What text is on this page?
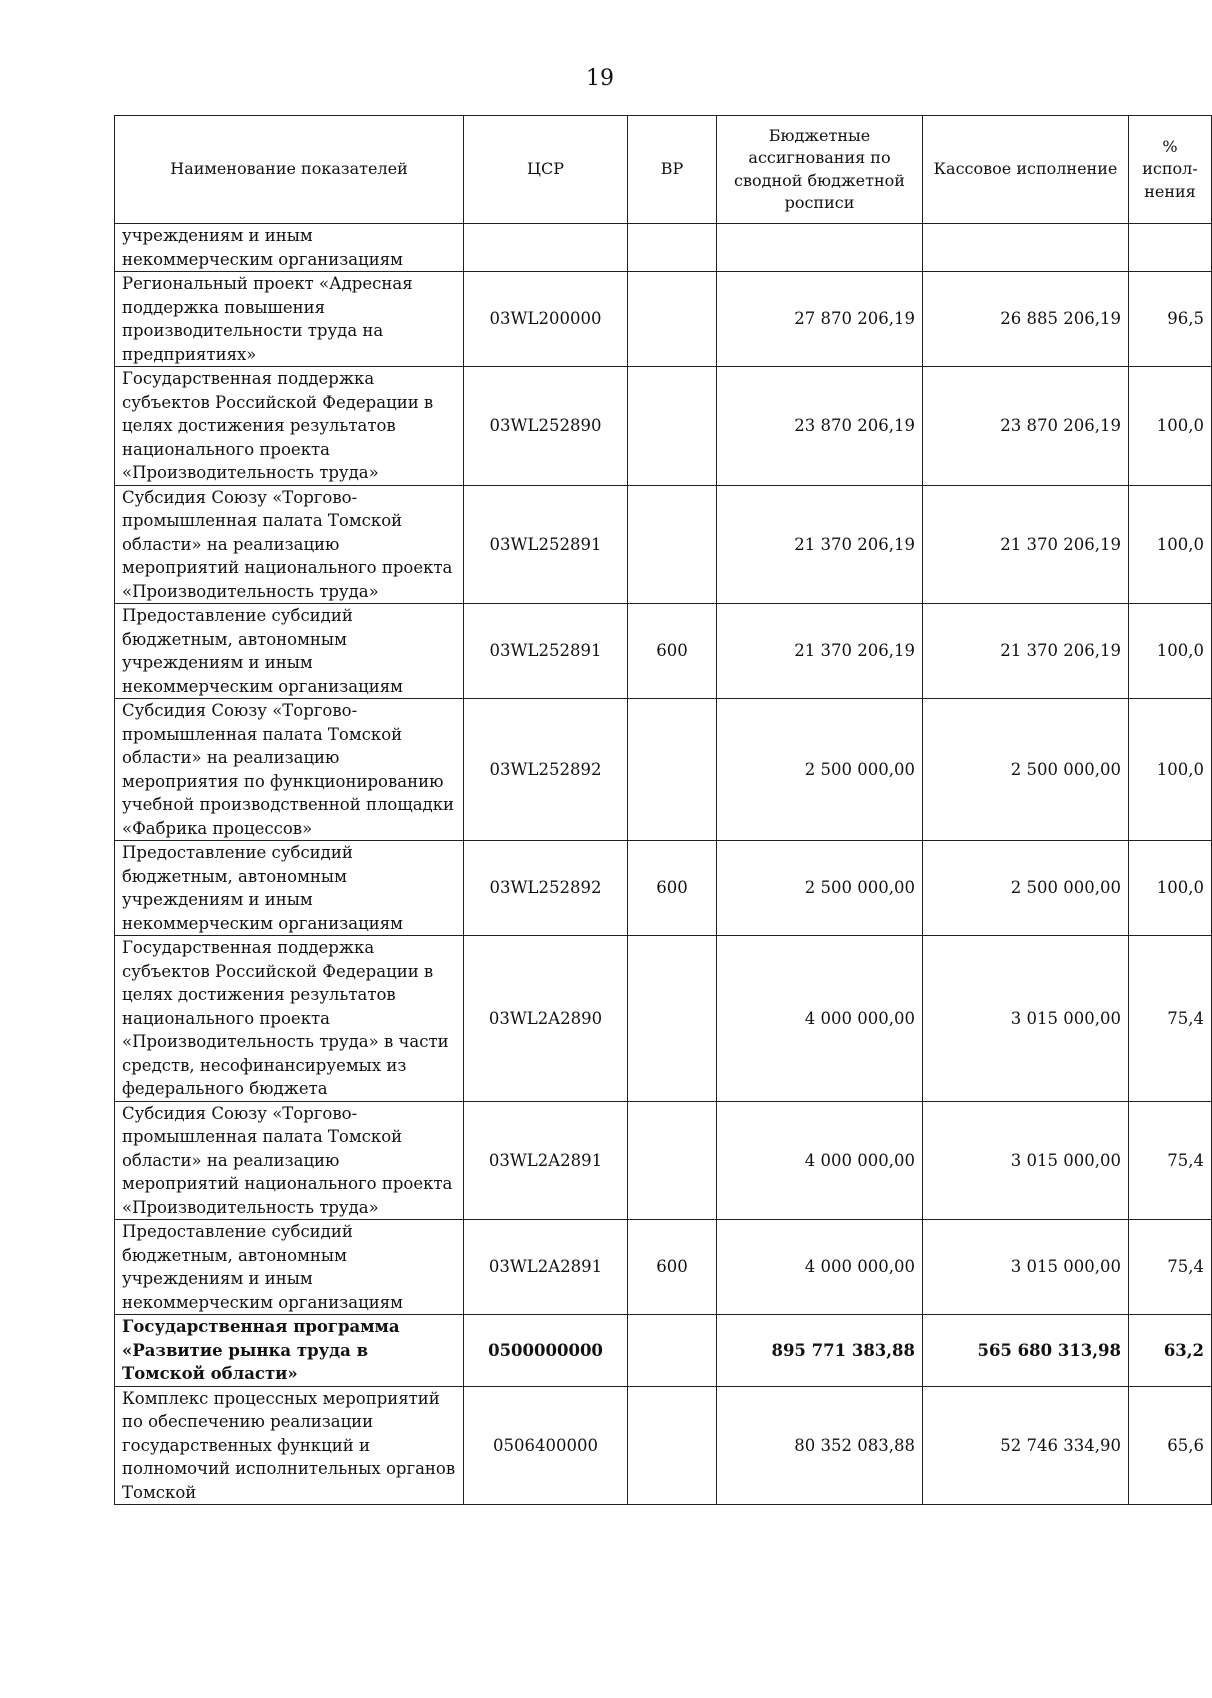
19
Наименование показателей	ЦСР	ВР	Бюджетные ассигнования по сводной бюджетной росписи	Кассовое исполнение	% испол-нения
учреждениям и иным некоммерческим организациям					
Региональный проект «Адресная поддержка повышения производительности труда на предприятиях»	03WL200000		27 870 206,19	26 885 206,19	96,5
Государственная поддержка субъектов Российской Федерации в целях достижения результатов национального проекта «Производительность труда»	03WL252890		23 870 206,19	23 870 206,19	100,0
Субсидия Союзу «Торгово-промышленная палата Томской области» на реализацию мероприятий национального проекта «Производительность труда»	03WL252891		21 370 206,19	21 370 206,19	100,0
Предоставление субсидий бюджетным, автономным учреждениям и иным некоммерческим организациям	03WL252891	600	21 370 206,19	21 370 206,19	100,0
Субсидия Союзу «Торгово-промышленная палата Томской области» на реализацию мероприятия по функционированию учебной производственной площадки «Фабрика процессов»	03WL252892		2 500 000,00	2 500 000,00	100,0
Предоставление субсидий бюджетным, автономным учреждениям и иным некоммерческим организациям	03WL252892	600	2 500 000,00	2 500 000,00	100,0
Государственная поддержка субъектов Российской Федерации в целях достижения результатов национального проекта «Производительность труда» в части средств, несофинансируемых из федерального бюджета	03WL2A2890		4 000 000,00	3 015 000,00	75,4
Субсидия Союзу «Торгово-промышленная палата Томской области» на реализацию мероприятий национального проекта «Производительность труда»	03WL2A2891		4 000 000,00	3 015 000,00	75,4
Предоставление субсидий бюджетным, автономным учреждениям и иным некоммерческим организациям	03WL2A2891	600	4 000 000,00	3 015 000,00	75,4
Государственная программа «Развитие рынка труда в Томской области»	0500000000		895 771 383,88	565 680 313,98	63,2
Комплекс процессных мероприятий по обеспечению реализации государственных функций и полномочий исполнительных органов Томской	0506400000		80 352 083,88	52 746 334,90	65,6
